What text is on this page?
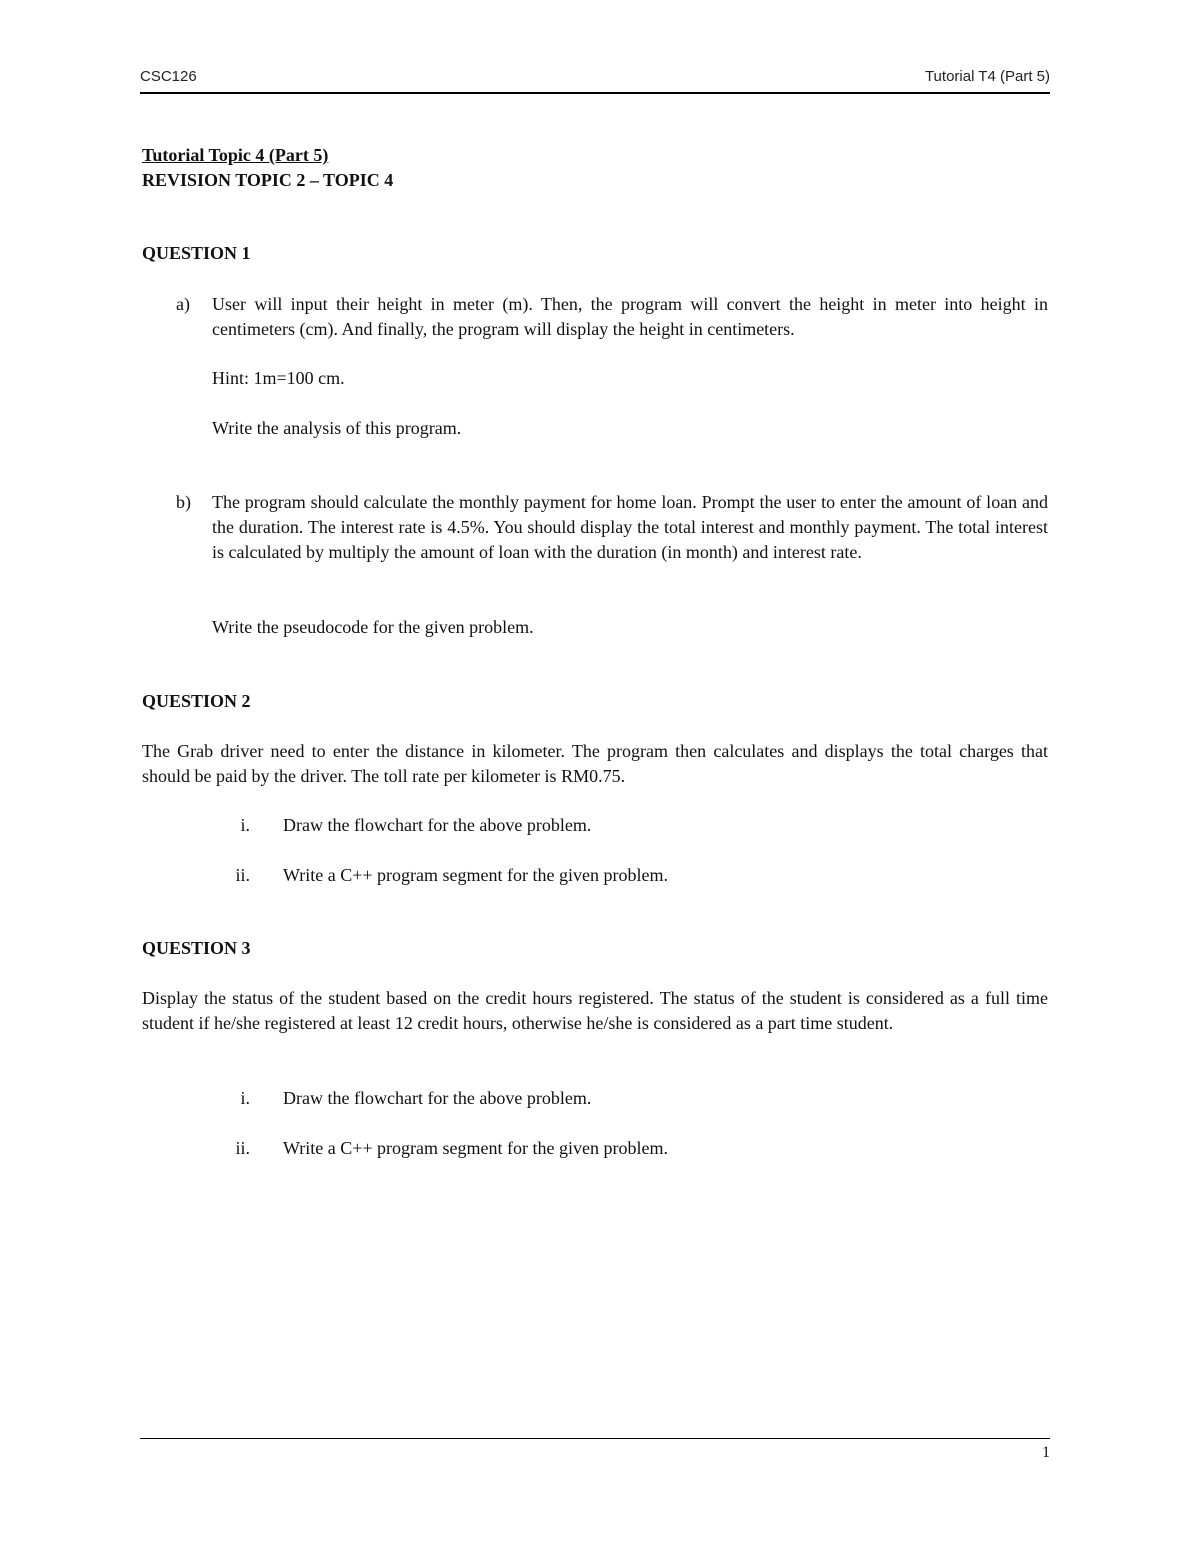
CSC126	Tutorial T4 (Part 5)
Tutorial Topic 4 (Part 5)
REVISION TOPIC 2 – TOPIC 4
QUESTION 1
a) User will input their height in meter (m). Then, the program will convert the height in meter into height in centimeters (cm). And finally, the program will display the height in centimeters.
Hint: 1m=100 cm.
Write the analysis of this program.
b) The program should calculate the monthly payment for home loan. Prompt the user to enter the amount of loan and the duration. The interest rate is 4.5%. You should display the total interest and monthly payment. The total interest is calculated by multiply the amount of loan with the duration (in month) and interest rate.
Write the pseudocode for the given problem.
QUESTION 2
The Grab driver need to enter the distance in kilometer. The program then calculates and displays the total charges that should be paid by the driver. The toll rate per kilometer is RM0.75.
i. Draw the flowchart for the above problem.
ii. Write a C++ program segment for the given problem.
QUESTION 3
Display the status of the student based on the credit hours registered. The status of the student is considered as a full time student if he/she registered at least 12 credit hours, otherwise he/she is considered as a part time student.
i. Draw the flowchart for the above problem.
ii. Write a C++ program segment for the given problem.
1
